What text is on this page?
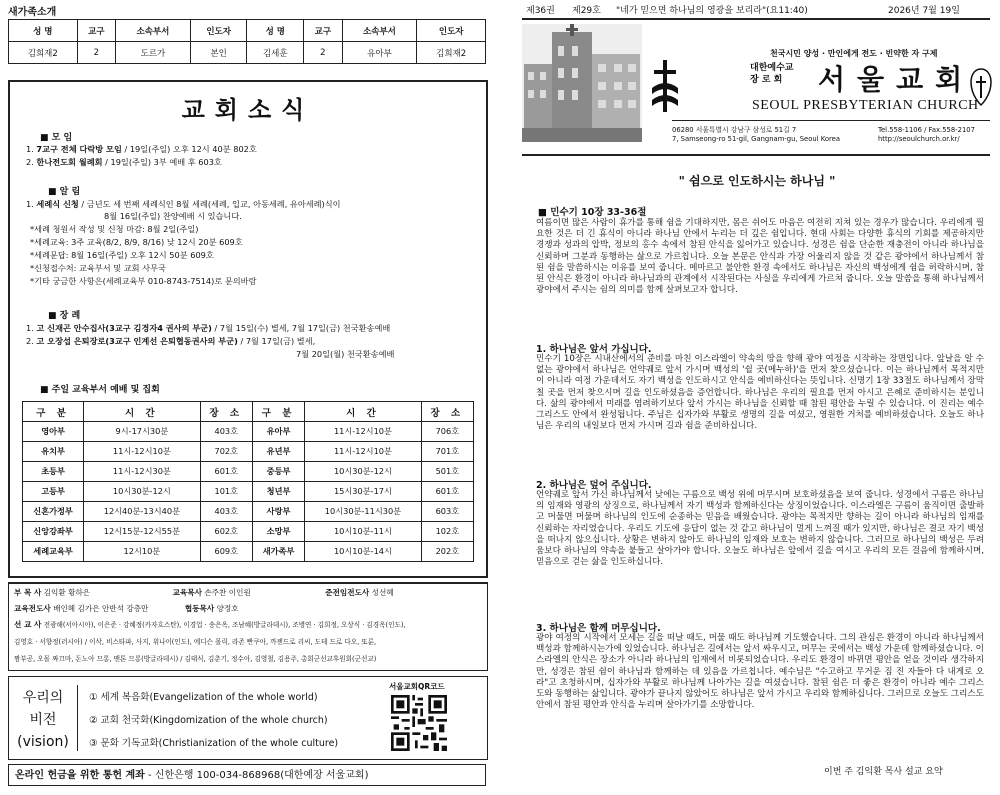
새가족소개
성 명	교구	소속부서	인도자	성 명	교구	소속부서	인도자
김희재2	2	도르가	본인	김세훈	2	유아부	김희재2
교회소식
■ 모 임
1. 7교구 전체 다락방 모임 / 19일(주일) 오후 12시 40분 802호
2. 한나전도회 월례회 / 19일(주일) 3부 예배 후 603호
■ 알 림
1. 세례식 신청 / 금년도 세 번째 세례식인 8월 세례(세례, 입교, 아동세례, 유아세례)식이
8월 16일(주일) 찬양예배 시 있습니다.
*세례 청원서 작성 및 신청 마감: 8월 2일(주일)
*세례교육: 3주 교육(8/2, 8/9, 8/16) 낮 12시 20분 609호
*세례문답: 8월 16일(주일) 오후 12시 50분 609호
*신청접수처: 교육부서 및 교회 사무국
*기타 궁금한 사항은(세례교육부 010-8743-7514)로 문의바람
■ 장 례
1. 고 신재곤 안수집사(3교구 김경자4 권사의 부군) / 7월 15일(수) 별세, 7월 17일(금) 천국환송예배
2. 고 오장섭 은퇴장로(3교구 인계선 은퇴협동권사의 부군) / 7월 17일(금) 별세,
7월 20일(월) 천국환송예배
■ 주일 교육부서 예배 및 집회
구 분	시 간	장 소	구 분	시 간	장 소
영아부	9시-17시30분	403호	유아부	11시-12시10분	706호
유치부	11시-12시10분	702호	유년부	11시-12시10분	701호
초등부	11시-12시30분	601호	중등부	10시30분-12시	501호
고등부	10시30분-12시	101호	청년부	15시30분-17시	601호
신혼가정부	12시40분-13시40분	403호	사랑부	10시30분-11시30분	603호
신앙강좌부	12시15분-12시55분	602호	소망부	10시10분-11시	102호
세례교육부	12시10분	609호	새가족부	10시10분-14시	202호
부 목 사 김익환 황하은	교육목사 손주찬 이인원	준전임전도사 성선혜
교육전도사 배인혜 김가은 안반석 강층만	협동목사 양정호
선 교 사 전광해(서아시아), 이은준 · 강혜정(카자흐스탄), 이경업 · 송은옥, 조남혜(방글라데시), 조병연 · 김희정, 오상식 · 김경옥(인도),
김영호 · 서향정(러시아) / 이삭, 비스타파, 사지, 위나이(인도), 에디슨 몰릭, 라존 빤쿠아, 까젠드로 리씨, 도테 드로 다오, 또룬,
짬부공, 오몰 짜끄마, 돈노아 므롱, 맨톤 므롱(방글라데시) / 김태식, 김춘기, 정수아, 김영철, 김용주, 총회군선교후원회(군선교)
우리의
비전
(vision)
① 세계 복음화(Evangelization of the whole world)
② 교회 천국화(Kingdomization of the whole church)
③ 문화 기독교화(Christianization of the whole culture)
서울교회QR코드
온라인 헌금을 위한 통헌 계좌 - 신한은행 100-034-868968(대한예장 서울교회)
제36권 제29호 "네가 믿으면 하나님의 영광을 보리라"(요11:40)	2026년 7월 19일
천국시민 양성 · 만인에게 전도 · 빈약한 자 구제
대한예수교
장 로 회	서울교회
SEOUL PRESBYTERIAN CHURCH
06280 서울특별시 강남구 삼성로 51길 7
7, Samseong-ro 51-gil, Gangnam-gu, Seoul Korea
Tel.558-1106 / Fax.558-2107
http://seoulchurch.or.kr/
" 쉼으로 인도하시는 하나님 "
■ 민수기 10장 33-36절
여름이면 많은 사람이 휴가를 통해 쉼을 기대하지만, 몸은 쉬어도 마음은 여전히 지쳐 있는 경우가 많습니다. 우리에게 필요한 것은 더 긴 휴식이 아니라 하나님 안에서 누리는 더 깊은 쉼입니다. 현대 사회는 다양한 휴식의 기회를 제공하지만 경쟁과 성과의 압박, 정보의 홍수 속에서 참된 안식을 잃어가고 있습니다. 성경은 쉼을 단순한 재충전이 아니라 하나님을 신뢰하며 그분과 동행하는 삶으로 가르칩니다. 오늘 본문은 안식과 가장 어울리지 않을 것 같은 광야에서 하나님께서 참된 쉼을 말씀하시는 이유를 보여 줍니다. 메마르고 불안한 환경 속에서도 하나님은 자신의 백성에게 쉼을 허락하시며, 참된 안식은 환경이 아니라 하나님과의 관계에서 시작된다는 사실을 우리에게 가르쳐 줍니다. 오늘 말씀을 통해 하나님께서 광야에서 주시는 쉼의 의미를 함께 살펴보고자 합니다.
1. 하나님은 앞서 가십니다.
민수기 10장은 시내산에서의 준비를 마친 이스라엘이 약속의 땅을 향해 광야 여정을 시작하는 장면입니다. 앞날을 알 수 없는 광야에서 하나님은 언약궤로 앞서 가시며 백성의 '쉴 곳(메누하)'을 먼저 찾으셨습니다. 이는 하나님께서 목적지만이 아니라 여정 가운데서도 자기 백성을 인도하시고 안식을 예비하신다는 뜻입니다. 신명기 1장 33절도 하나님께서 장막 칠 곳을 먼저 찾으시며 길을 인도하셨음을 증언합니다. 하나님은 우리의 필요를 먼저 아시고 은혜로 준비하시는 분입니다. 삶의 광야에서 미래를 염려하기보다 앞서 가시는 하나님을 신뢰할 때 참된 평안을 누릴 수 있습니다. 이 진리는 예수 그리스도 안에서 완성됩니다. 주님은 십자가와 부활로 생명의 길을 여셨고, 영원한 거처를 예비하셨습니다. 오늘도 하나님은 우리의 내일보다 먼저 가시며 길과 쉼을 준비하십니다.
2. 하나님은 덮어 주십니다.
언약궤로 앞서 가신 하나님께서 낮에는 구름으로 백성 위에 머무시며 보호하셨음을 보여 줍니다. 성경에서 구름은 하나님의 임재와 영광의 상징으로, 하나님께서 자기 백성과 함께하신다는 상징이었습니다. 이스라엘은 구름이 움직이면 출발하고 머물면 머물며 하나님의 인도에 순종하는 믿음을 배웠습니다. 광야는 목적지만 향하는 길이 아니라 하나님의 임재를 신뢰하는 자리였습니다. 우리도 기도에 응답이 없는 것 같고 하나님이 멀게 느껴질 때가 있지만, 하나님은 결코 자기 백성을 떠나지 않으십니다. 상황은 변하지 않아도 하나님의 임재와 보호는 변하지 않습니다. 그러므로 하나님의 백성은 두려움보다 하나님의 약속을 붙들고 살아가야 합니다. 오늘도 하나님은 앞에서 길을 여시고 우리의 모든 걸음에 함께하시며, 믿음으로 걷는 삶을 인도하십니다.
3. 하나님은 함께 머무십니다.
광야 여정의 시작에서 모세는 길을 떠날 때도, 머물 때도 하나님께 기도했습니다. 그의 관심은 환경이 아니라 하나님께서 백성과 함께하시는가에 있었습니다. 하나님은 길에서는 앞서 싸우시고, 머무는 곳에서는 백성 가운데 함께하셨습니다. 이스라엘의 안식은 장소가 아니라 하나님의 임재에서 비롯되었습니다. 우리도 환경이 바뀌면 평안을 얻을 것이라 생각하지만, 성경은 참된 쉼이 하나님과 함께하는 데 있음을 가르칩니다. 예수님은 "수고하고 무거운 짐 진 자들아 다 내게로 오라"고 초청하시며, 십자가와 부활로 하나님께 나아가는 길을 여셨습니다. 참된 쉼은 더 좋은 환경이 아니라 예수 그리스도와 동행하는 삶입니다. 광야가 끝나지 않았어도 하나님은 앞서 가시고 우리와 함께하십니다. 그러므로 오늘도 그리스도 안에서 참된 평안과 안식을 누리며 살아가기를 소망합니다.
이번 주 김익환 목사 설교 요약
